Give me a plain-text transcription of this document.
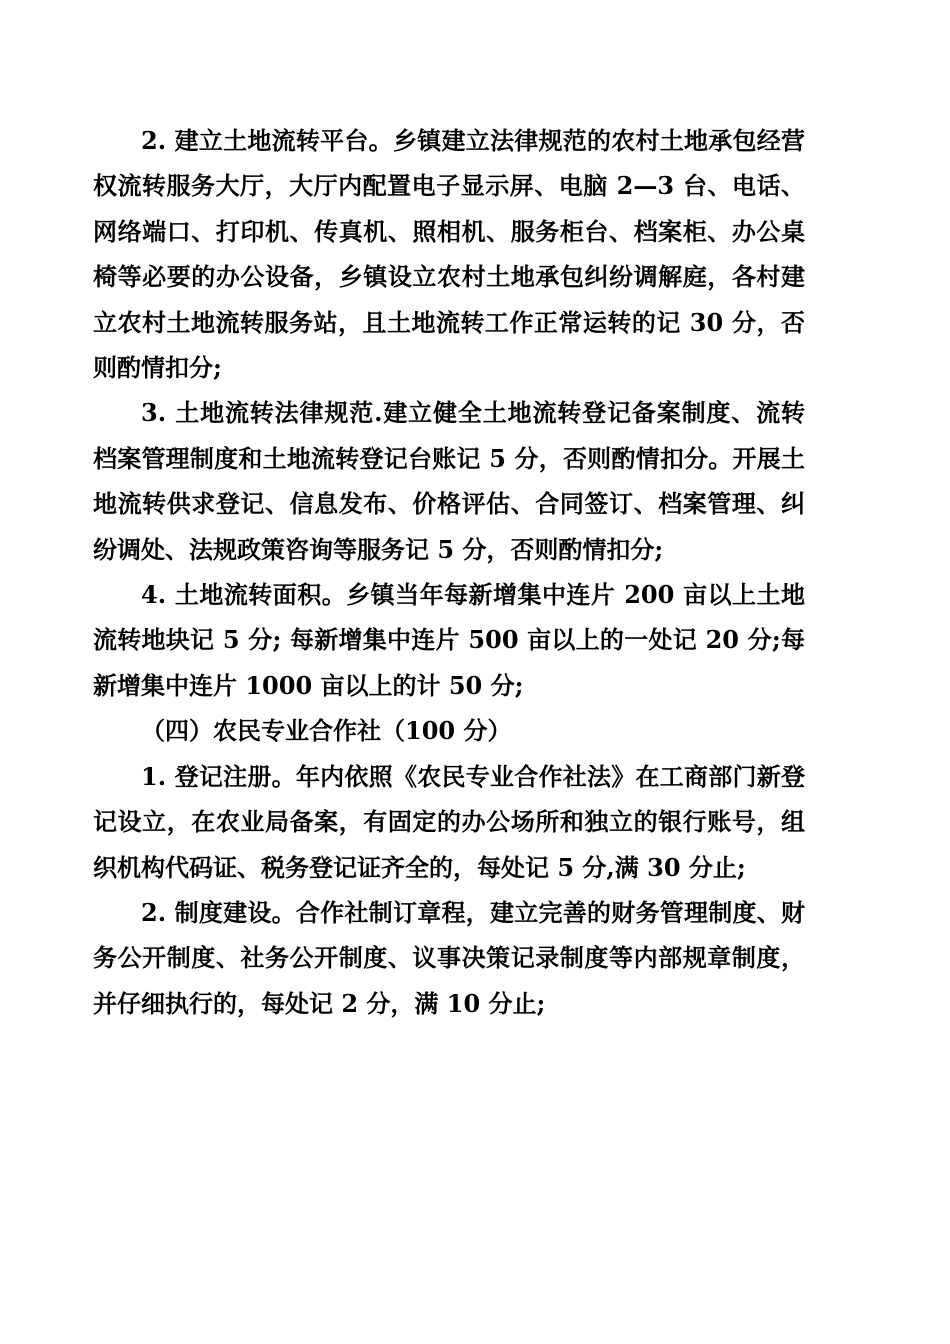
2. 建立土地流转平台。乡镇建立法律规范的农村土地承包经营权流转服务大厅，大厅内配置电子显示屏、电脑 2—3 台、电话、网络端口、打印机、传真机、照相机、服务柜台、档案柜、办公桌椅等必要的办公设备，乡镇设立农村土地承包纠纷调解庭，各村建立农村土地流转服务站，且土地流转工作正常运转的记 30 分，否则酌情扣分;

3. 土地流转法律规范.建立健全土地流转登记备案制度、流转档案管理制度和土地流转登记台账记 5 分，否则酌情扣分。开展土地流转供求登记、信息发布、价格评估、合同签订、档案管理、纠纷调处、法规政策咨询等服务记 5 分，否则酌情扣分;

4. 土地流转面积。乡镇当年每新增集中连片 200 亩以上土地流转地块记 5 分; 每新增集中连片 500 亩以上的一处记 20 分;每新增集中连片 1000 亩以上的计 50 分;

（四）农民专业合作社（100 分）

1. 登记注册。年内依照《农民专业合作社法》在工商部门新登记设立，在农业局备案，有固定的办公场所和独立的银行账号，组织机构代码证、税务登记证齐全的，每处记 5 分,满 30 分止;

2. 制度建设。合作社制订章程，建立完善的财务管理制度、财务公开制度、社务公开制度、议事决策记录制度等内部规章制度，并仔细执行的，每处记 2 分，满 10 分止;
